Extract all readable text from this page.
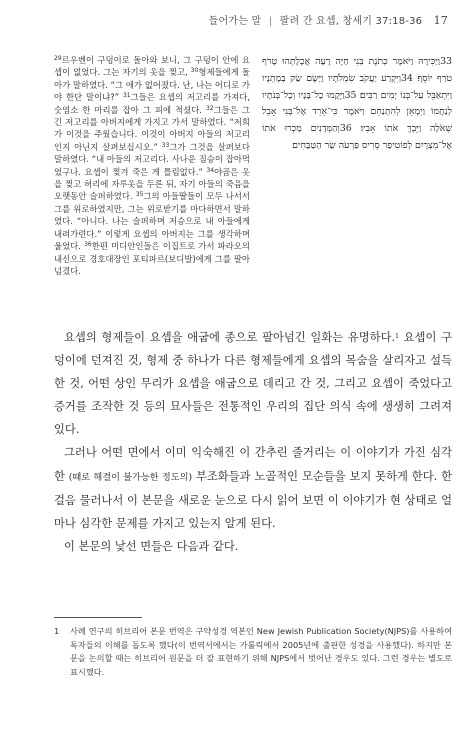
들어가는 말 | 팔려 간 요셉, 창세기 37:18-36 17

$^{29}$르우벤이 구덩이로 돌아와 보니, 그 구덩이 안에 요셉이 없었다. 그는 자기의 옷을 찢고, $^{30}$형제들에게 돌아가 말하였다. “그 애가 없어졌다. 난, 나는 어디로 가야 한단 말이냐?” $^{31}$그들은 요셉의 저고리를 가져다, 숫염소 한 마리를 잡아 그 피에 적셨다. $^{32}$그들은 그 긴 저고리를 아버지에게 가지고 가서 말하였다. “저희가 이것을 주웠습니다. 이것이 아버지 아들의 저고리인지 아닌지 살펴보십시오.” $^{33}$그가 그것을 살펴보다 말하였다. “내 아들의 저고리다. 사나운 짐승이 잡아먹었구나. 요셉이 찢겨 죽은 게 틀림없다.” $^{34}$야곱은 옷을 찢고 허리에 자루옷을 두른 뒤, 자기 아들의 죽음을 오랫동안 슬퍼하였다. $^{35}$그의 아들딸들이 모두 나서서 그를 위로하였지만, 그는 위로받기를 마다하면서 말하였다. “아니다. 나는 슬퍼하며 저승으로 내 아들에게 내려가련다.” 이렇게 요셉의 아버지는 그를 생각하며 울었다. $^{36}$한편 미디안인들은 이집트로 가서 파라오의 내신으로 경호대장인 포티파르(보디발)에게 그를 팔아넘겼다.

33וַיַּכִּירָהּ וַיֹּאמֶר כְּתֹנֶת בְּנִי חַיָּה רָעָה אֲכָלָתְהוּ טָרֹף טֹרַף יוֹסֵף׃ 34וַיִּקְרַע יַעֲקֹב שִׂמְלֹתָיו וַיָּשֶׂם שַׂק בְּמָתְנָיו וַיִּתְאַבֵּל עַל־בְּנוֹ יָמִים רַבִּים׃ 35וַיָּקֻמוּ כָל־בָּנָיו וְכָל־בְּנֹתָיו לְנַחֲמוֹ וַיְמָאֵן לְהִתְנַחֵם וַיֹּאמֶר כִּי־אֵרֵד אֶל־בְּנִי אָבֵל שְׁאֹלָה וַיֵּבְךְּ אֹתוֹ אָבִיו׃ 36וְהַמְּדָנִים מָכְרוּ אֹתוֹ אֶל־מִצְרָיִם לְפוֹטִיפַר סְרִיס פַּרְעֹה שַׂר הַטַּבָּחִים׃

요셉의 형제들이 요셉을 애굽에 종으로 팔아넘긴 일화는 유명하다.$^1$ 요셉이 구덩이에 던져진 것, 형제 중 하나가 다른 형제들에게 요셉의 목숨을 살리자고 설득한 것, 어떤 상인 무리가 요셉을 애굽으로 데리고 간 것, 그리고 요셉이 죽었다고 증거를 조작한 것 등의 묘사들은 전통적인 우리의 집단 의식 속에 생생히 그려져 있다.

그러나 어떤 면에서 이미 익숙해진 이 간추린 줄거리는 이 이야기가 가진 심각한 (때로 해결이 불가능한 정도의) 부조화들과 노골적인 모순들을 보지 못하게 한다. 한 걸음 물러나서 이 본문을 새로운 눈으로 다시 읽어 보면 이 이야기가 현 상태로 얼마나 심각한 문제를 가지고 있는지 알게 된다.

이 본문의 낯선 면들은 다음과 같다.

1	사례 연구의 히브리어 본문 번역은 구약성경 역본인 New Jewish Publication Society(NJPS)를 사용하여 독자들의 이해를 돕도록 했다(이 번역서에서는 가톨릭에서 2005년에 출판한 성경을 사용했다). 하지만 본문을 논의할 때는 히브리어 원문을 더 잘 표현하기 위해 NJPS에서 벗어난 경우도 있다. 그런 경우는 별도로 표시했다.
